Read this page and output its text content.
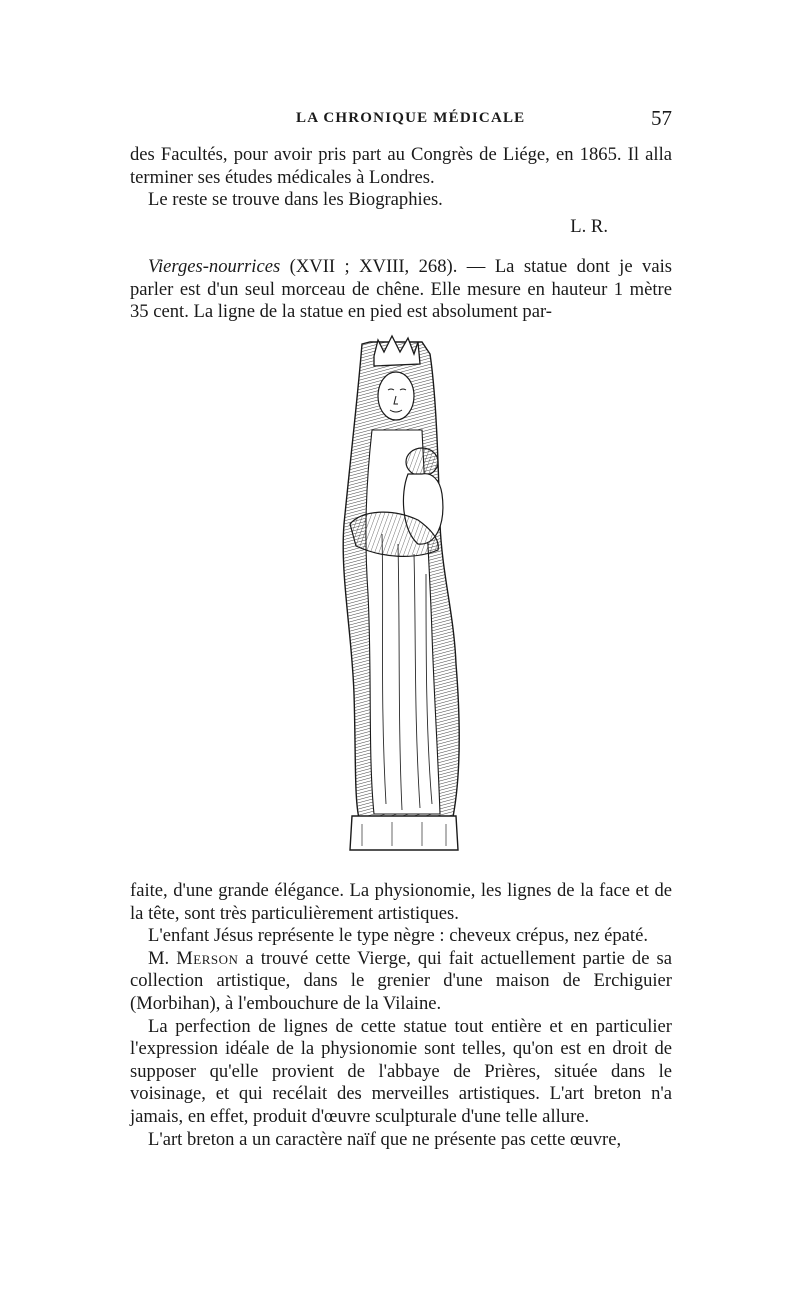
LA CHRONIQUE MÉDICALE	57

des Facultés, pour avoir pris part au Congrès de Liége, en 1865. Il alla terminer ses études médicales à Londres.

Le reste se trouve dans les Biographies.

L. R.

Vierges-nourrices (XVII ; XVIII, 268). — La statue dont je vais parler est d'un seul morceau de chêne. Elle mesure en hauteur 1 mètre 35 cent. La ligne de la statue en pied est absolument par-

faite, d'une grande élégance. La physionomie, les lignes de la face et de la tête, sont très particulièrement artistiques.

L'enfant Jésus représente le type nègre : cheveux crépus, nez épaté.

M. Merson a trouvé cette Vierge, qui fait actuellement partie de sa collection artistique, dans le grenier d'une maison de Erchiguier (Morbihan), à l'embouchure de la Vilaine.

La perfection de lignes de cette statue tout entière et en particulier l'expression idéale de la physionomie sont telles, qu'on est en droit de supposer qu'elle provient de l'abbaye de Prières, située dans le voisinage, et qui recélait des merveilles artistiques. L'art breton n'a jamais, en effet, produit d'œuvre sculpturale d'une telle allure.

L'art breton a un caractère naïf que ne présente pas cette œuvre,
